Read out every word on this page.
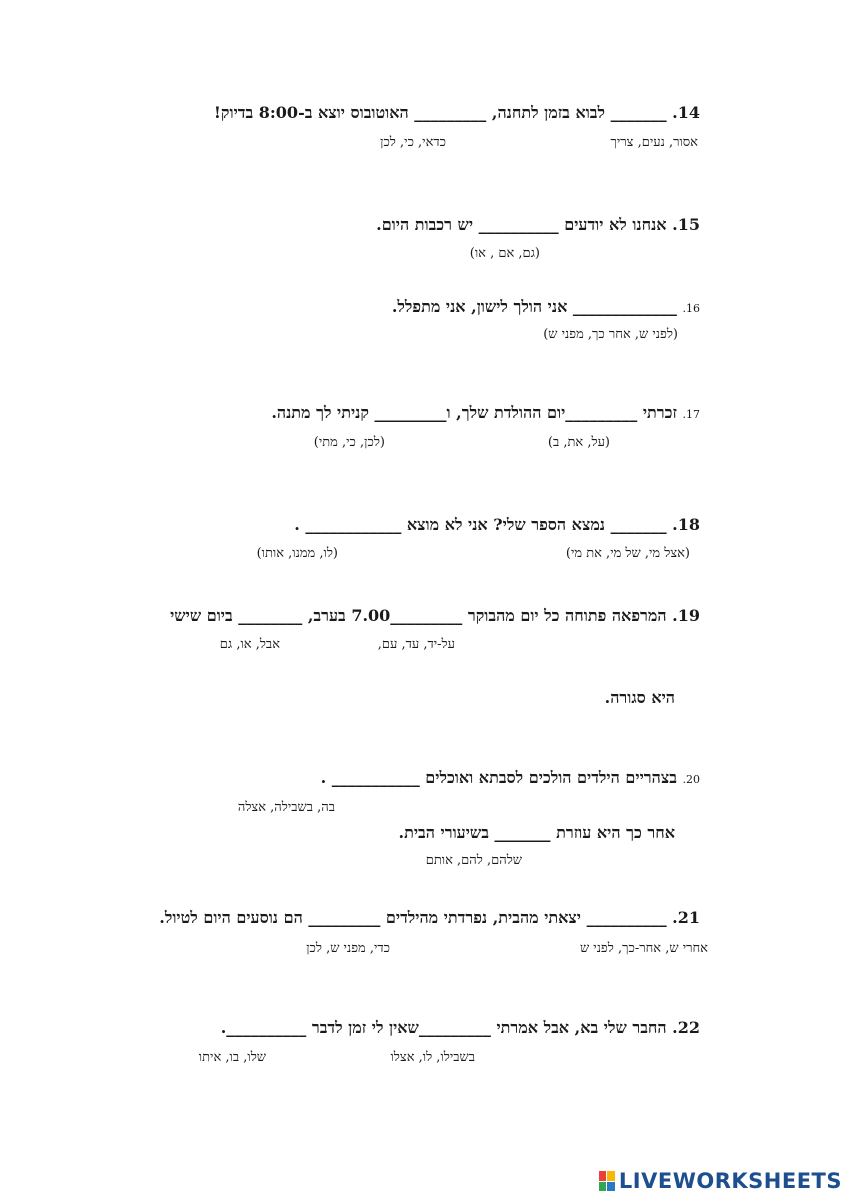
14. _______ לבוא בזמן לתחנה, _________ האוטובוס יוצא ב-8:00 בדיוק!
אסור, נעים, צריך
כדאי, כי, לכן
15. אנחנו לא יודעים __________ יש רכבות היום.
(גם, אם , או)
16. _____________ אני הולך לישון, אני מתפלל.
(לפני ש, אחר כך, מפני ש)
17. זכרתי _________יום ההולדת שלך, ו_________ קניתי לך מתנה.
(על, את, ב)
(לכן, כי, מתי)
18. _______ נמצא הספר שלי? אני לא מוצא ____________ .
(אצל מי, של מי, את מי)
(לו, ממנו, אותו)
19. המרפאה פתוחה כל יום מהבוקר _________7.00 בערב, ________ ביום שישי
על-יד, עד, עם,
אבל, או, גם
היא סגורה.
20. בצהריים הילדים הולכים לסבתא ואוכלים ___________ .
בה, בשבילה, אצלה
אחר כך היא עוזרת _______ בשיעורי הבית.
שלהם, להם, אותם
21. __________ יצאתי מהבית, נפרדתי מהילדים _________ הם נוסעים היום לטיול.
אחרי ש, אחר-כך, לפני ש
כדי, מפני ש, לכן
22. החבר שלי בא, אבל אמרתי _________שאין לי זמן לדבר __________.
בשבילו, לו, אצלו
שלו, בו, איתו
LIVEWORKSHEETS
